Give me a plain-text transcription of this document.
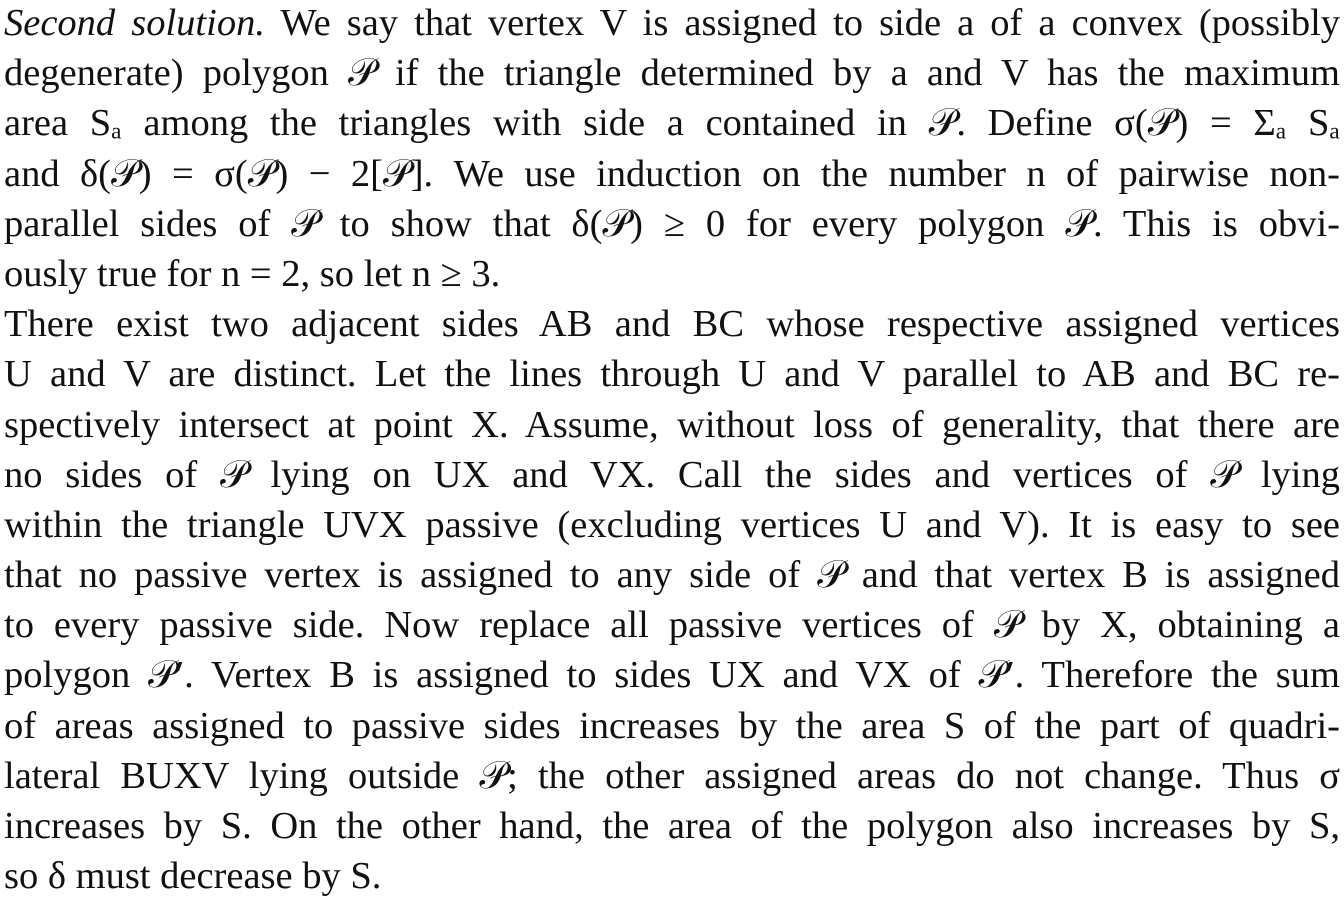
Second solution. We say that vertex V is assigned to side a of a convex (possibly
degenerate) polygon 𝒫 if the triangle determined by a and V has the maximum
area Sₐ among the triangles with side a contained in 𝒫. Define σ(𝒫) = Σₐ Sₐ
and δ(𝒫) = σ(𝒫) − 2[𝒫]. We use induction on the number n of pairwise non-
parallel sides of 𝒫 to show that δ(𝒫) ≥ 0 for every polygon 𝒫. This is obvi-
ously true for n = 2, so let n ≥ 3.
There exist two adjacent sides AB and BC whose respective assigned vertices
U and V are distinct. Let the lines through U and V parallel to AB and BC re-
spectively intersect at point X. Assume, without loss of generality, that there are
no sides of 𝒫 lying on UX and VX. Call the sides and vertices of 𝒫 lying
within the triangle UVX passive (excluding vertices U and V). It is easy to see
that no passive vertex is assigned to any side of 𝒫 and that vertex B is assigned
to every passive side. Now replace all passive vertices of 𝒫 by X, obtaining a
polygon 𝒫′. Vertex B is assigned to sides UX and VX of 𝒫′. Therefore the sum
of areas assigned to passive sides increases by the area S of the part of quadri-
lateral BUXV lying outside 𝒫; the other assigned areas do not change. Thus σ
increases by S. On the other hand, the area of the polygon also increases by S,
so δ must decrease by S.
